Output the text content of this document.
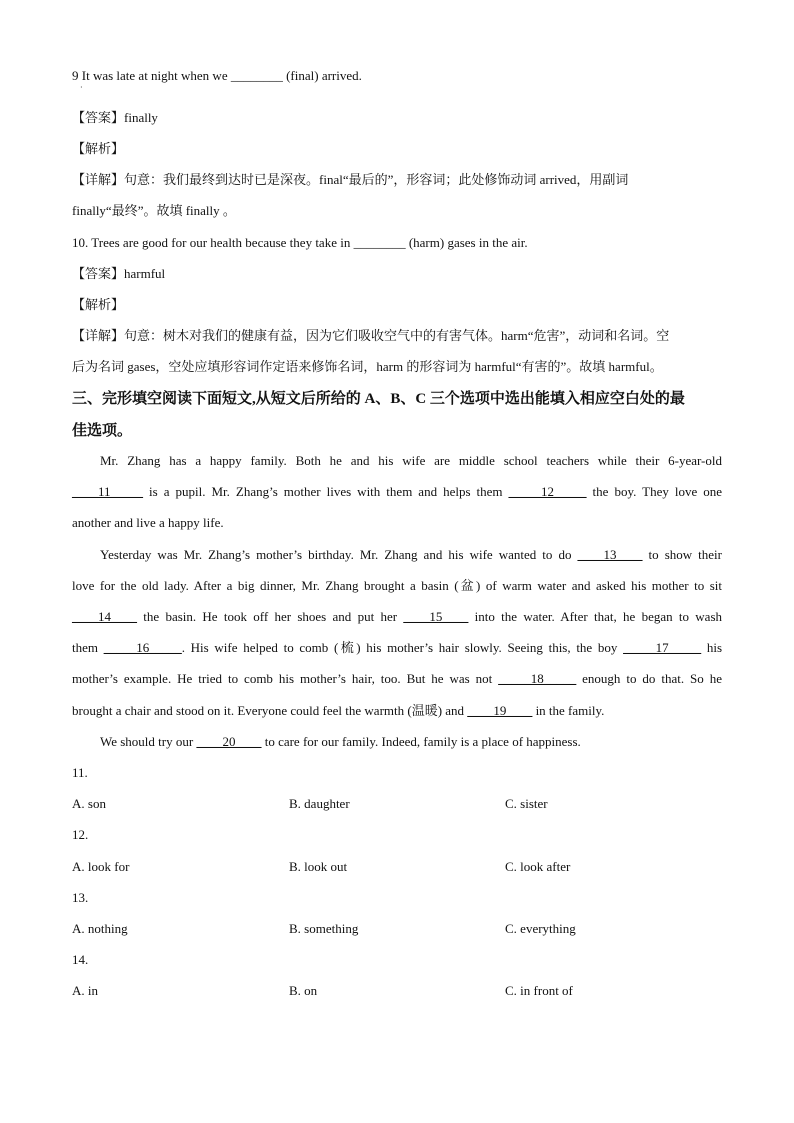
9 It was late at night when we ________ (final) arrived.
·
【答案】finally
【解析】
【详解】句意：我们最终到达时已是深夜。final“最后的”，形容词；此处修饰动词 arrived，用副词
finally“最终”。故填 finally 。
10. Trees are good for our health because they take in ________ (harm) gases in the air.
【答案】harmful
【解析】
【详解】句意：树木对我们的健康有益，因为它们吸收空气中的有害气体。harm“危害”，动词和名词。空
后为名词 gases，空处应填形容词作定语来修饰名词，harm 的形容词为 harmful“有害的”。故填 harmful。
三、完形填空阅读下面短文,从短文后所给的 A、B、C 三个选项中选出能填入相应空白处的最
佳选项。
Mr. Zhang has a happy family. Both he and his wife are middle school teachers while their 6-year-old
____11_____ is a pupil. Mr. Zhang’s mother lives with them and helps them _____12_____ the boy. They love one
another and live a happy life.
Yesterday was Mr. Zhang’s mother’s birthday. Mr. Zhang and his wife wanted to do ____13____ to show their
love for the old lady. After a big dinner, Mr. Zhang brought a basin (盆) of warm water and asked his mother to sit
____14____ the basin. He took off her shoes and put her ____15____ into the water. After that, he began to wash
them _____16_____. His wife helped to comb (梳) his mother’s hair slowly. Seeing this, the boy _____17_____ his
mother’s example. He tried to comb his mother’s hair, too. But he was not _____18_____ enough to do that. So he
brought a chair and stood on it. Everyone could feel the warmth (温暖) and ____19____ in the family.
We should try our ____20____ to care for our family. Indeed, family is a place of happiness.
11.
A. son	B. daughter	C. sister
12.
A. look for	B. look out	C. look after
13.
A. nothing	B. something	C. everything
14.
A. in	B. on	C. in front of
